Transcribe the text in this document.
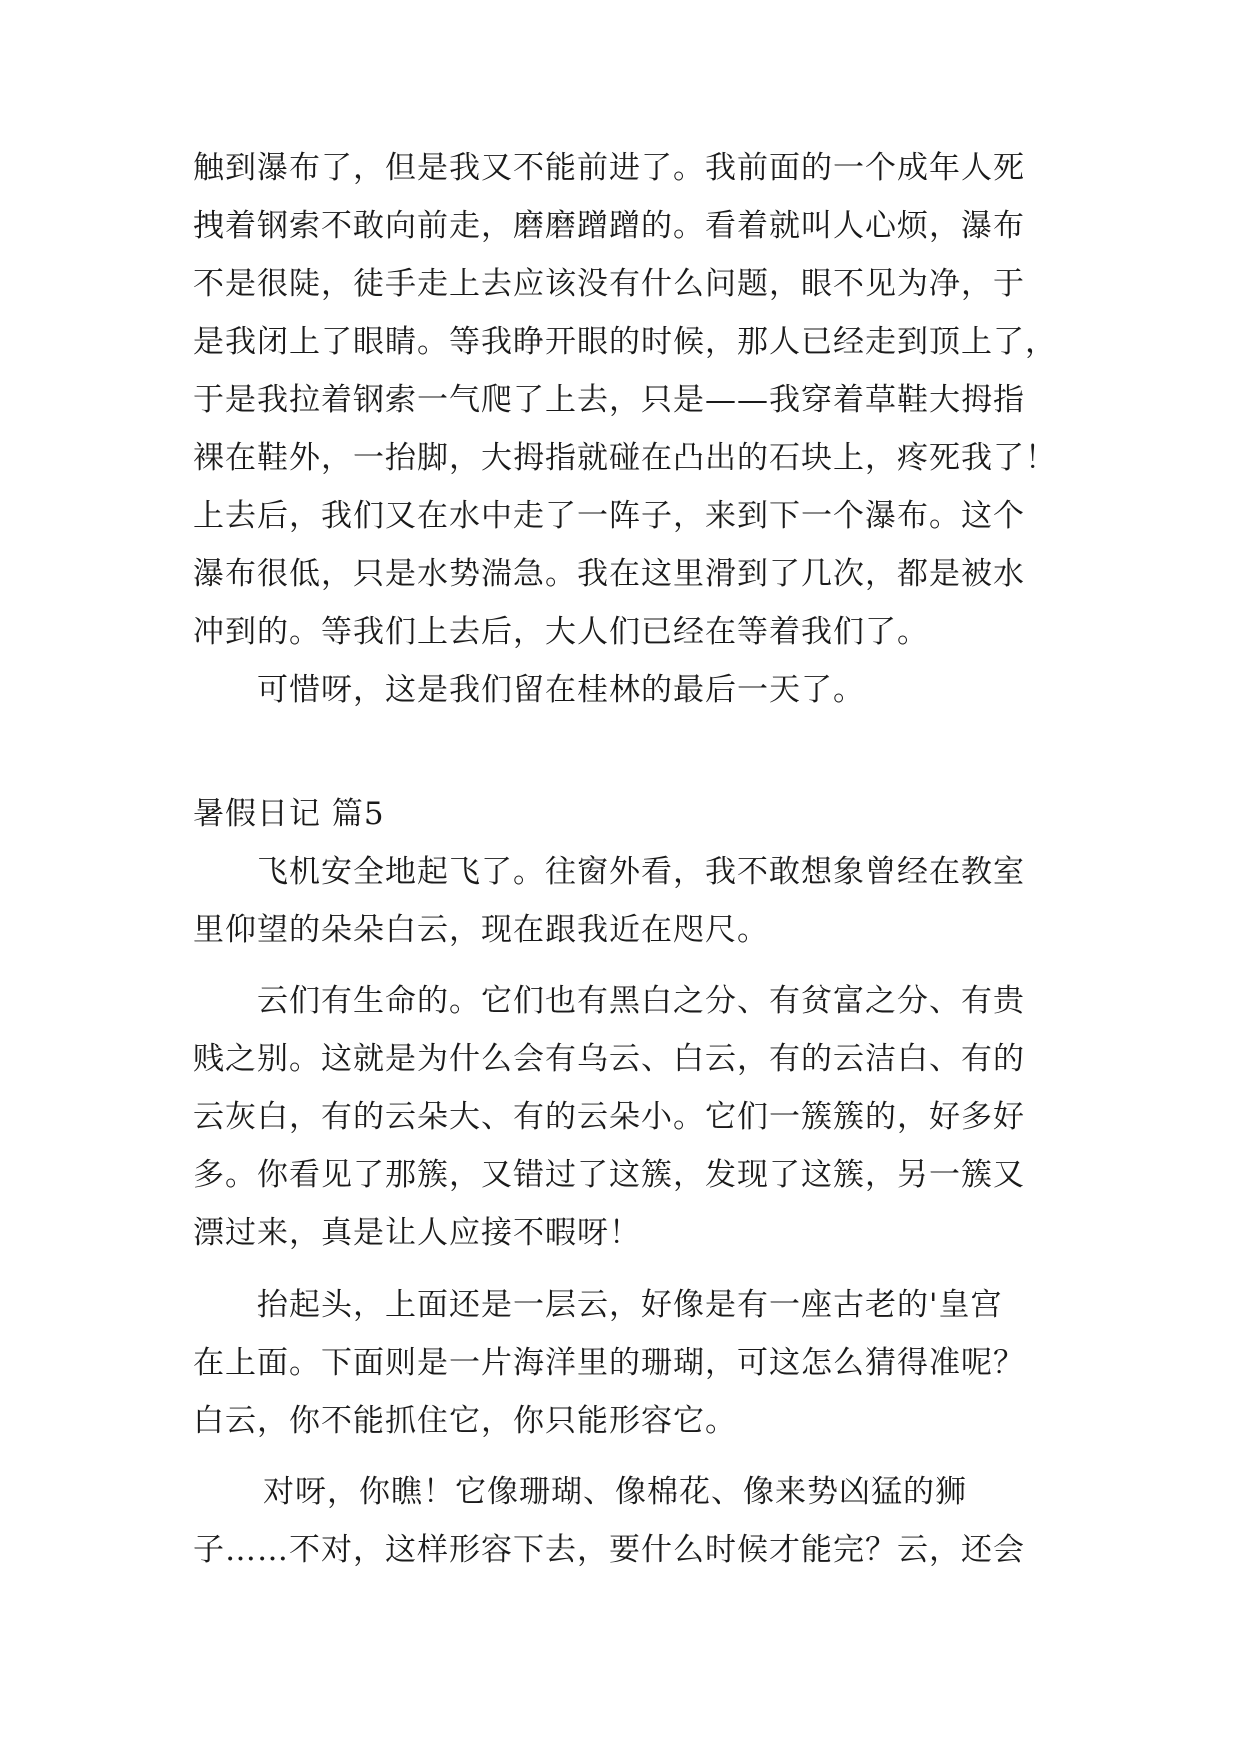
触到瀑布了，但是我又不能前进了。我前面的一个成年人死
拽着钢索不敢向前走，磨磨蹭蹭的。看着就叫人心烦，瀑布
不是很陡，徒手走上去应该没有什么问题，眼不见为净，于
是我闭上了眼睛。等我睁开眼的时候，那人已经走到顶上了，
于是我拉着钢索一气爬了上去，只是——我穿着草鞋大拇指
裸在鞋外，一抬脚，大拇指就碰在凸出的石块上，疼死我了！
上去后，我们又在水中走了一阵子，来到下一个瀑布。这个
瀑布很低，只是水势湍急。我在这里滑到了几次，都是被水
冲到的。等我们上去后，大人们已经在等着我们了。
可惜呀，这是我们留在桂林的最后一天了。
暑假日记 篇5
飞机安全地起飞了。往窗外看，我不敢想象曾经在教室
里仰望的朵朵白云，现在跟我近在咫尺。
云们有生命的。它们也有黑白之分、有贫富之分、有贵
贱之别。这就是为什么会有乌云、白云，有的云洁白、有的
云灰白，有的云朵大、有的云朵小。它们一簇簇的，好多好
多。你看见了那簇，又错过了这簇，发现了这簇，另一簇又
漂过来，真是让人应接不暇呀！
抬起头，上面还是一层云，好像是有一座古老的'皇宫
在上面。下面则是一片海洋里的珊瑚，可这怎么猜得准呢？
白云，你不能抓住它，你只能形容它。
对呀，你瞧！它像珊瑚、像棉花、像来势凶猛的狮
子……不对，这样形容下去，要什么时候才能完？云，还会
